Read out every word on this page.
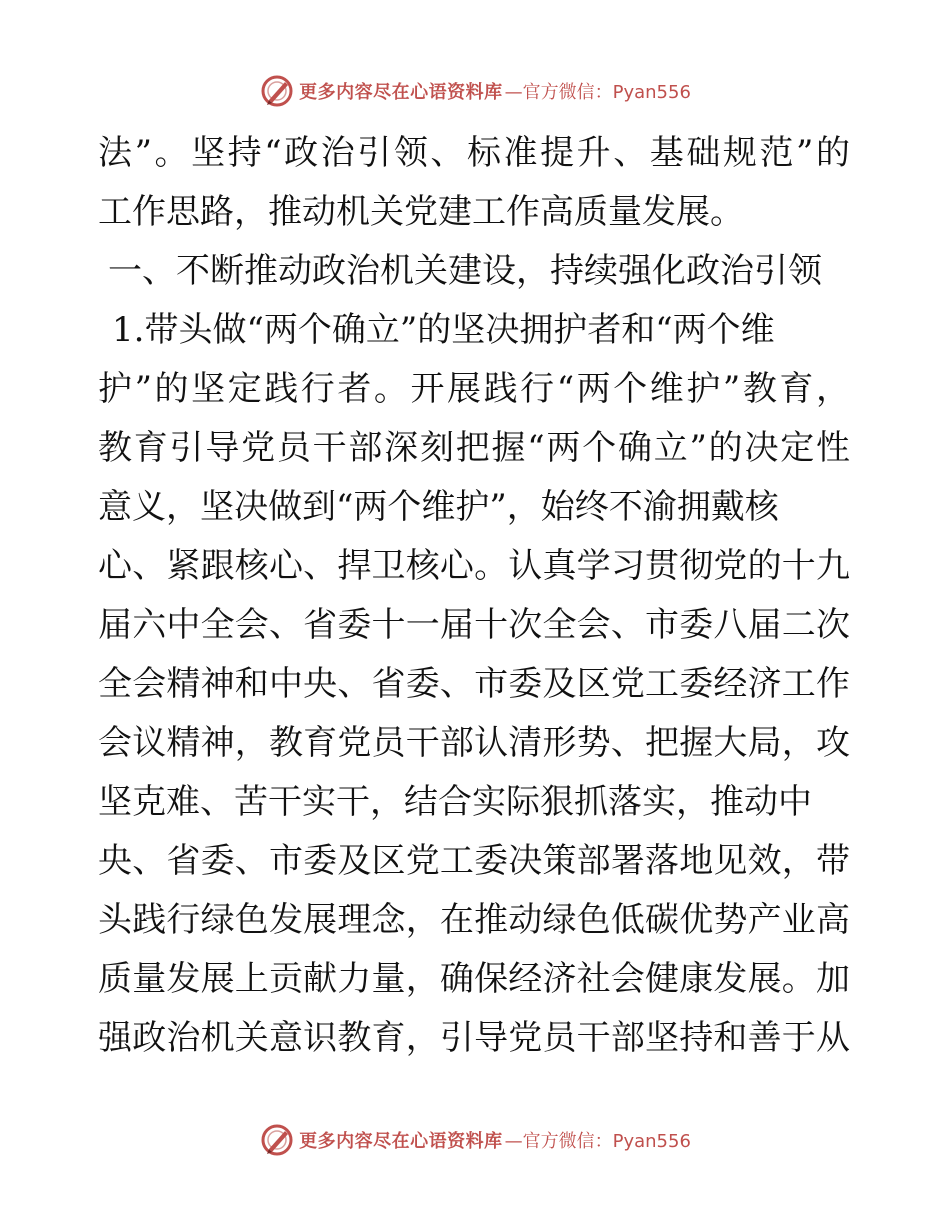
更多内容尽在心语资料库 —官方微信：Pyan556
法”。坚持“政治引领、标准提升、基础规范”的
工作思路，推动机关党建工作高质量发展。
一、不断推动政治机关建设，持续强化政治引领
1.带头做“两个确立”的坚决拥护者和“两个维
护”的坚定践行者。开展践行“两个维护”教育，
教育引导党员干部深刻把握“两个确立”的决定性
意义，坚决做到“两个维护”，始终不渝拥戴核
心、紧跟核心、捍卫核心。认真学习贯彻党的十九
届六中全会、省委十一届十次全会、市委八届二次
全会精神和中央、省委、市委及区党工委经济工作
会议精神，教育党员干部认清形势、把握大局，攻
坚克难、苦干实干，结合实际狠抓落实，推动中
央、省委、市委及区党工委决策部署落地见效，带
头践行绿色发展理念，在推动绿色低碳优势产业高
质量发展上贡献力量，确保经济社会健康发展。加
强政治机关意识教育，引导党员干部坚持和善于从
更多内容尽在心语资料库 —官方微信：Pyan556
